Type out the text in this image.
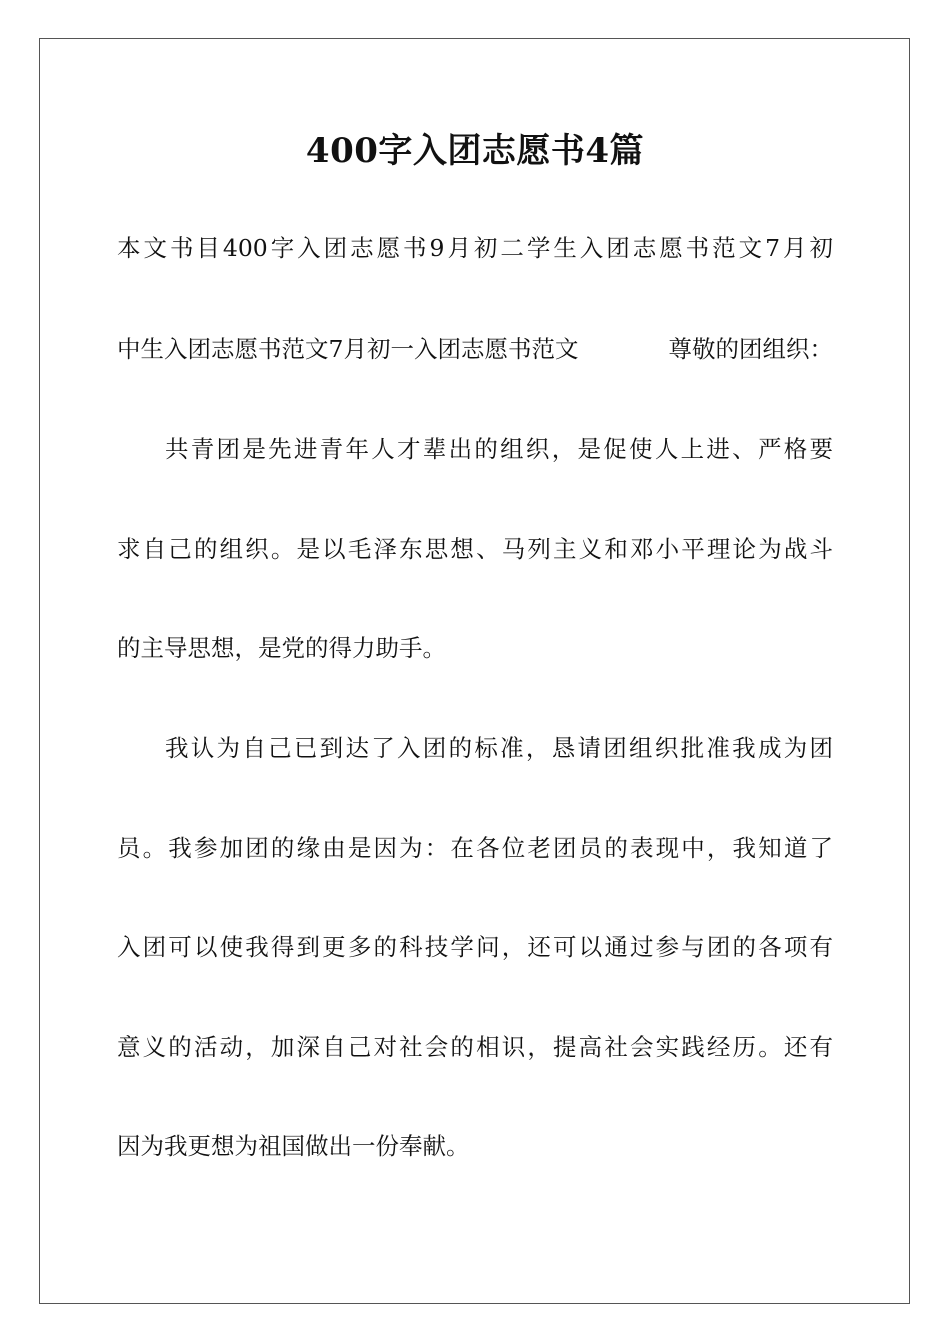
400字入团志愿书4篇

本文书目400字入团志愿书9月初二学生入团志愿书范文7月初

中生入团志愿书范文7月初一入团志愿书范文	尊敬的团组织：

共青团是先进青年人才辈出的组织，是促使人上进、严格要

求自己的组织。是以毛泽东思想、马列主义和邓小平理论为战斗

的主导思想，是党的得力助手。

我认为自己已到达了入团的标准，恳请团组织批准我成为团

员。我参加团的缘由是因为：在各位老团员的表现中，我知道了

入团可以使我得到更多的科技学问，还可以通过参与团的各项有

意义的活动，加深自己对社会的相识，提高社会实践经历。还有

因为我更想为祖国做出一份奉献。
